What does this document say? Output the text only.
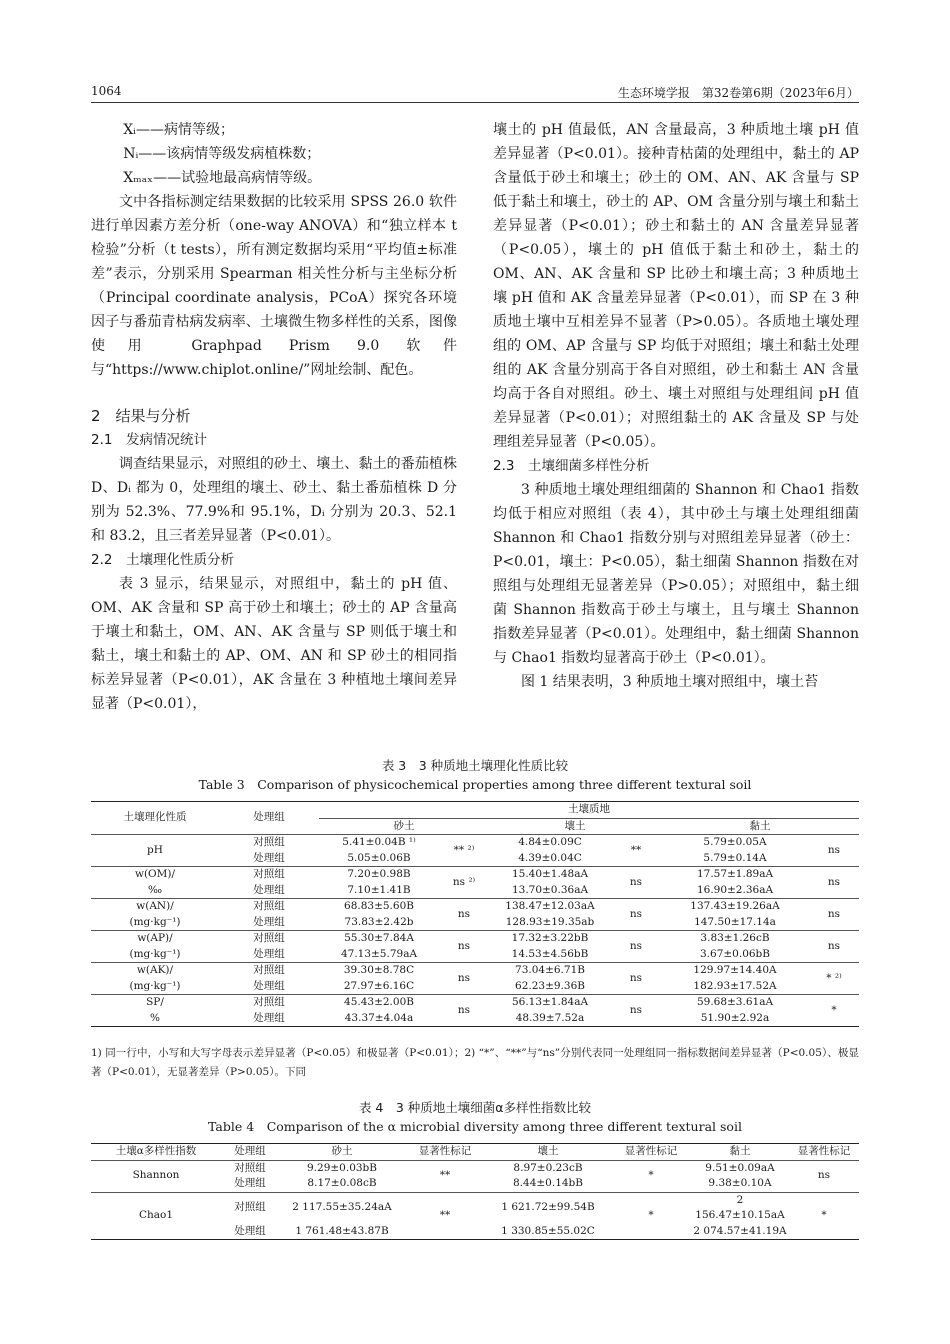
1064	生态环境学报　第32卷第6期（2023年6月）

Xᵢ——病情等级；

Nᵢ——该病情等级发病植株数；

Xₘₐₓ——试验地最高病情等级。

文中各指标测定结果数据的比较采用 SPSS 26.0 软件进行单因素方差分析（one-way ANOVA）和“独立样本 t 检验”分析（t tests），所有测定数据均采用“平均值±标准差”表示，分别采用 Spearman 相关性分析与主坐标分析（Principal coordinate analysis，PCoA）探究各环境因子与番茄青枯病发病率、土壤微生物多样性的关系，图像使用 Graphpad Prism 9.0 软件与“https://www.chiplot.online/”网址绘制、配色。

2　结果与分析

2.1　发病情况统计

调查结果显示，对照组的砂土、壤土、黏土的番茄植株 D、Dᵢ 都为 0，处理组的壤土、砂土、黏土番茄植株 D 分别为 52.3%、77.9%和 95.1%，Dᵢ 分别为 20.3、52.1 和 83.2，且三者差异显著（P<0.01）。

2.2　土壤理化性质分析

表 3 显示，结果显示，对照组中，黏土的 pH 值、OM、AK 含量和 SP 高于砂土和壤土；砂土的 AP 含量高于壤土和黏土，OM、AN、AK 含量与 SP 则低于壤土和黏土，壤土和黏土的 AP、OM、AN 和 SP 砂土的相同指标差异显著（P<0.01），AK 含量在 3 种植地土壤间差异显著（P<0.01），

壤土的 pH 值最低，AN 含量最高，3 种质地土壤 pH 值差异显著（P<0.01）。接种青枯菌的处理组中，黏土的 AP 含量低于砂土和壤土；砂土的 OM、AN、AK 含量与 SP 低于黏土和壤土，砂土的 AP、OM 含量分别与壤土和黏土差异显著（P<0.01）；砂土和黏土的 AN 含量差异显著（P<0.05），壤土的 pH 值低于黏土和砂土，黏土的 OM、AN、AK 含量和 SP 比砂土和壤土高；3 种质地土壤 pH 值和 AK 含量差异显著（P<0.01），而 SP 在 3 种质地土壤中互相差异不显著（P>0.05）。各质地土壤处理组的 OM、AP 含量与 SP 均低于对照组；壤土和黏土处理组的 AK 含量分别高于各自对照组，砂土和黏土 AN 含量均高于各自对照组。砂土、壤土对照组与处理组间 pH 值差异显著（P<0.01）；对照组黏土的 AK 含量及 SP 与处理组差异显著（P<0.05）。

2.3　土壤细菌多样性分析

3 种质地土壤处理组细菌的 Shannon 和 Chao1 指数均低于相应对照组（表 4），其中砂土与壤土处理组细菌 Shannon 和 Chao1 指数分别与对照组差异显著（砂土：P<0.01，壤土：P<0.05），黏土细菌 Shannon 指数在对照组与处理组无显著差异（P>0.05）；对照组中，黏土细菌 Shannon 指数高于砂土与壤土，且与壤土 Shannon 指数差异显著（P<0.01）。处理组中，黏土细菌 Shannon 与 Chao1 指数均显著高于砂土（P<0.01）。

图 1 结果表明，3 种质地土壤对照组中，壤土苔

表 3　3 种质地土壤理化性质比较
Table 3　Comparison of physicochemical properties among three different textural soil
土壤理化性质	处理组	土壤质地					
		砂土		壤土		黏土	
pH	对照组	5.41±0.04B ¹⁾	** ²⁾	4.84±0.09C	**	5.79±0.05A	ns
	处理组	5.05±0.06B		4.39±0.04C		5.79±0.14A	
w(OM)/
‰	对照组	7.20±0.98B	ns ²⁾	15.40±1.48aA	ns	17.57±1.89aA	ns
	处理组	7.10±1.41B		13.70±0.36aA		16.90±2.36aA	
w(AN)/
(mg·kg⁻¹)	对照组	68.83±5.60B	ns	138.47±12.03aA	ns	137.43±19.26aA	ns
	处理组	73.83±2.42b		128.93±19.35ab		147.50±17.14a	
w(AP)/
(mg·kg⁻¹)	对照组	55.30±7.84A	ns	17.32±3.22bB	ns	3.83±1.26cB	ns
	处理组	47.13±5.79aA		14.53±4.56bB		3.67±0.06bB	
w(AK)/
(mg·kg⁻¹)	对照组	39.30±8.78C	ns	73.04±6.71B	ns	129.97±14.40A	* ²⁾
	处理组	27.97±6.16C		62.23±9.36B		182.93±17.52A	
SP/
%	对照组	45.43±2.00B	ns	56.13±1.84aA	ns	59.68±3.61aA	*
	处理组	43.37±4.04a		48.39±7.52a		51.90±2.92a	
1) 同一行中，小写和大写字母表示差异显著（P<0.05）和极显著（P<0.01）；2) “*”、“**”与“ns”分别代表同一处理组同一指标数据间差异显著（P<0.05）、极显著（P<0.01），无显著差异（P>0.05）。下同
表 4　3 种质地土壤细菌α多样性指数比较
Table 4　Comparison of the α microbial diversity among three different textural soil
土壤α多样性指数	处理组	砂土	显著性标记	壤土	显著性标记	黏土	显著性标记
Shannon	对照组	9.29±0.03bB	**	8.97±0.23cB	*	9.51±0.09aA	ns
	处理组	8.17±0.08cB		8.44±0.14bB		9.38±0.10A	
Chao1	对照组	2 117.55±35.24aA	**	1 621.72±99.54B	*	2 156.47±10.15aA	*
	处理组	1 761.48±43.87B		1 330.85±55.02C		2 074.57±41.19A	
